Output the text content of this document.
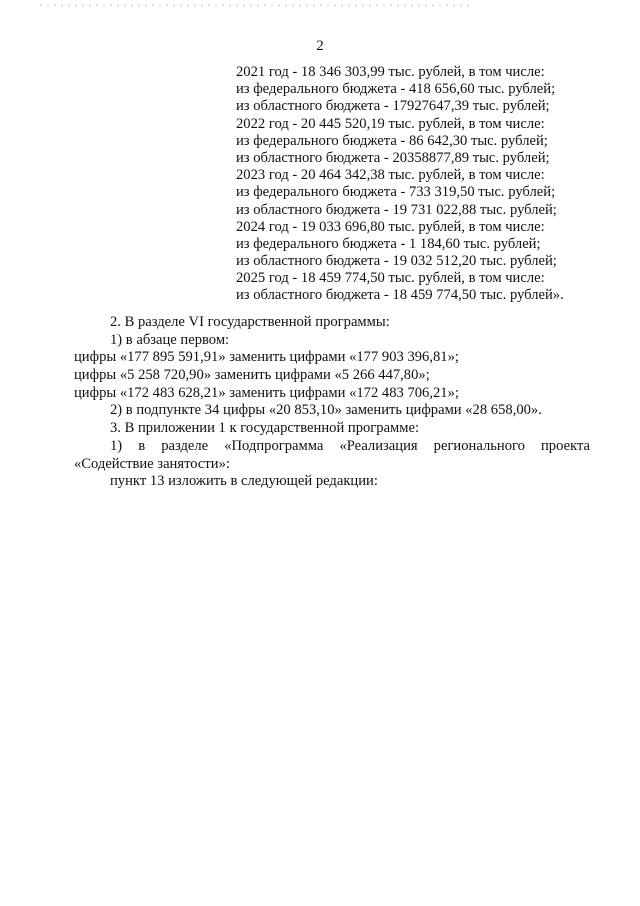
2
2021 год - 18 346 303,99 тыс. рублей, в том числе:
из федерального бюджета - 418 656,60 тыс. рублей;
из областного бюджета - 17927647,39 тыс. рублей;
2022 год - 20 445 520,19 тыс. рублей, в том числе:
из федерального бюджета - 86 642,30 тыс. рублей;
из областного бюджета - 20358877,89 тыс. рублей;
2023 год - 20 464 342,38 тыс. рублей, в том числе:
из федерального бюджета - 733 319,50 тыс. рублей;
из областного бюджета - 19 731 022,88 тыс. рублей;
2024 год - 19 033 696,80 тыс. рублей, в том числе:
из федерального бюджета - 1 184,60 тыс. рублей;
из областного бюджета - 19 032 512,20 тыс. рублей;
2025 год - 18 459 774,50 тыс. рублей, в том числе:
из областного бюджета - 18 459 774,50 тыс. рублей».
2. В разделе VI государственной программы:
1) в абзаце первом:
цифры «177 895 591,91» заменить цифрами «177 903 396,81»;
цифры «5 258 720,90» заменить цифрами «5 266 447,80»;
цифры «172 483 628,21» заменить цифрами «172 483 706,21»;
2) в подпункте 34 цифры «20 853,10» заменить цифрами «28 658,00».
3. В приложении 1 к государственной программе:
1) в разделе «Подпрограмма «Реализация регионального проекта
«Содействие занятости»:
пункт 13 изложить в следующей редакции:
